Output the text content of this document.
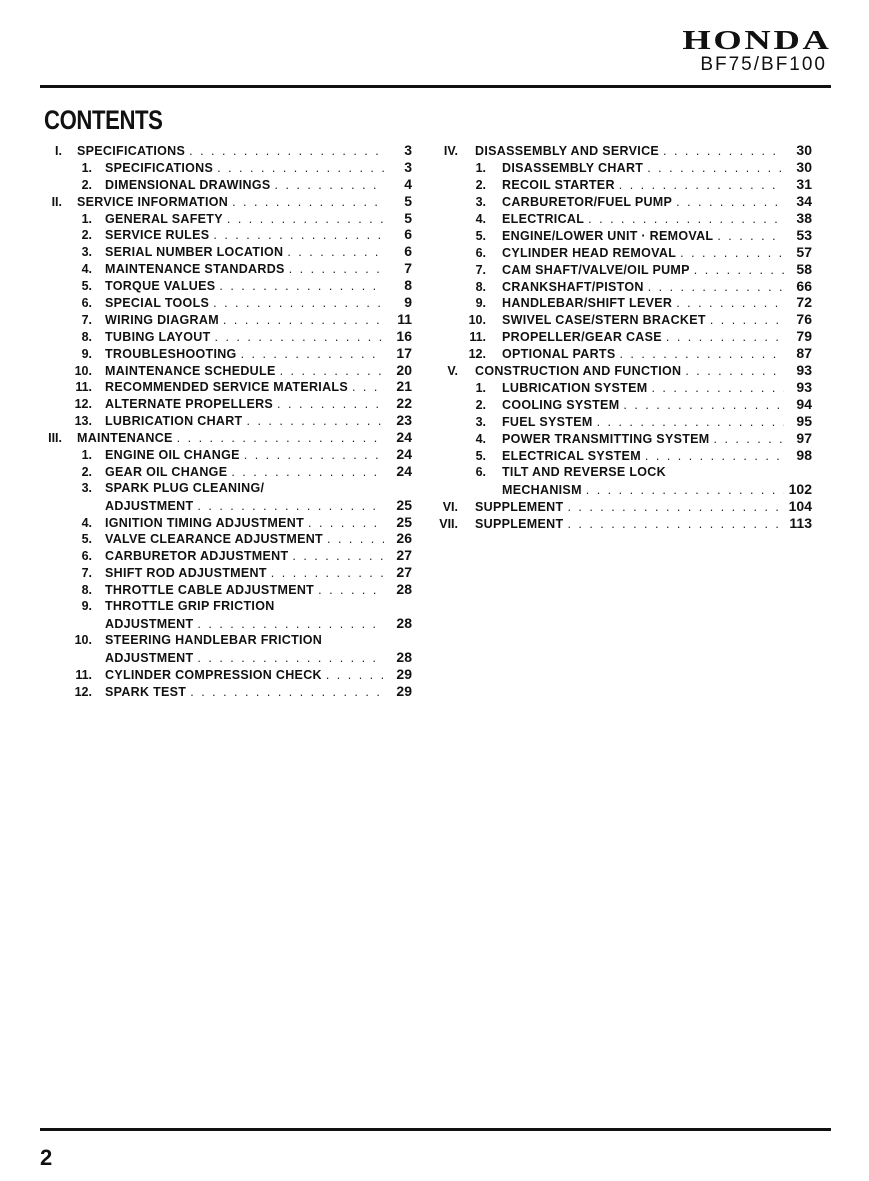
HONDA
BF75/BF100
CONTENTS
I.	SPECIFICATIONS . . .	3
1.	SPECIFICATIONS . . .	3
2.	DIMENSIONAL DRAWINGS . . .	4
II.	SERVICE INFORMATION . . .	5
1.	GENERAL SAFETY . . .	5
2.	SERVICE RULES . . .	6
3.	SERIAL NUMBER LOCATION . . .	6
4.	MAINTENANCE STANDARDS . . .	7
5.	TORQUE VALUES . . .	8
6.	SPECIAL TOOLS . . .	9
7.	WIRING DIAGRAM . . .	11
8.	TUBING LAYOUT . . .	16
9.	TROUBLESHOOTING . . .	17
10.	MAINTENANCE SCHEDULE . . .	20
11.	RECOMMENDED SERVICE MATERIALS . . .	21
12.	ALTERNATE PROPELLERS . . .	22
13.	LUBRICATION CHART . . .	23
III.	MAINTENANCE . . .	24
1.	ENGINE OIL CHANGE . . .	24
2.	GEAR OIL CHANGE . . .	24
3.	SPARK PLUG CLEANING/
ADJUSTMENT . . .	25
4.	IGNITION TIMING ADJUSTMENT . . .	25
5.	VALVE CLEARANCE ADJUSTMENT . . .	26
6.	CARBURETOR ADJUSTMENT . . .	27
7.	SHIFT ROD ADJUSTMENT . . .	27
8.	THROTTLE CABLE ADJUSTMENT . . .	28
9.	THROTTLE GRIP FRICTION
ADJUSTMENT . . .	28
10.	STEERING HANDLEBAR FRICTION
ADJUSTMENT . . .	28
11.	CYLINDER COMPRESSION CHECK . . .	29
12.	SPARK TEST . . .	29
IV.	DISASSEMBLY AND SERVICE . . .	30
1.	DISASSEMBLY CHART . . .	30
2.	RECOIL STARTER . . .	31
3.	CARBURETOR/FUEL PUMP . . .	34
4.	ELECTRICAL . . .	38
5.	ENGINE/LOWER UNIT · REMOVAL . . .	53
6.	CYLINDER HEAD REMOVAL . . .	57
7.	CAM SHAFT/VALVE/OIL PUMP . . .	58
8.	CRANKSHAFT/PISTON . . .	66
9.	HANDLEBAR/SHIFT LEVER . . .	72
10.	SWIVEL CASE/STERN BRACKET . . .	76
11.	PROPELLER/GEAR CASE . . .	79
12.	OPTIONAL PARTS . . .	87
V.	CONSTRUCTION AND FUNCTION . . .	93
1.	LUBRICATION SYSTEM . . .	93
2.	COOLING SYSTEM . . .	94
3.	FUEL SYSTEM . . .	95
4.	POWER TRANSMITTING SYSTEM . . .	97
5.	ELECTRICAL SYSTEM . . .	98
6.	TILT AND REVERSE LOCK
MECHANISM . . .	102
VI.	SUPPLEMENT . . .	104
VII.	SUPPLEMENT . . .	113
2
